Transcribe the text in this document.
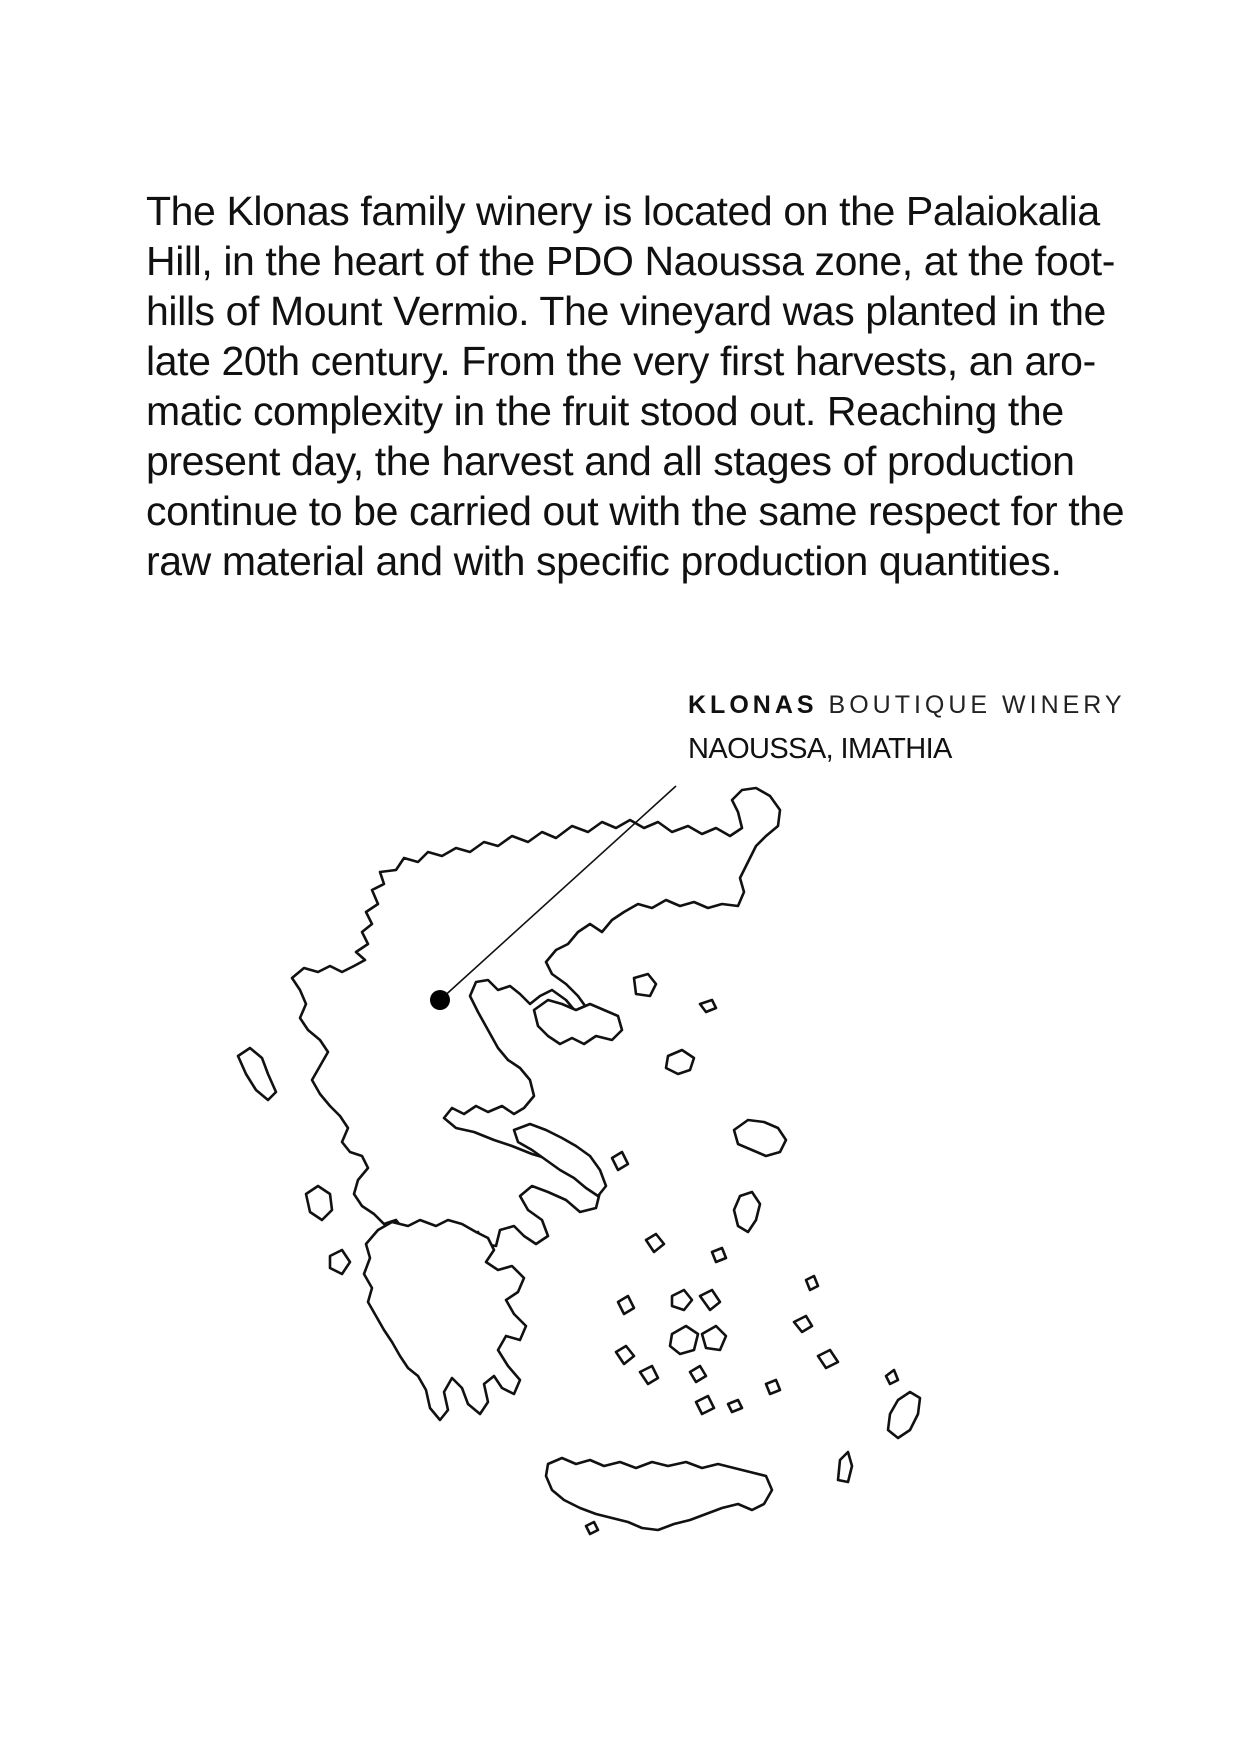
The Klonas family winery is located on the Palaiokalia
Hill, in the heart of the PDO Naoussa zone, at the foot-
hills of Mount Vermio. The vineyard was planted in the
late 20th century. From the very first harvests, an aro-
matic complexity in the fruit stood out. Reaching the
present day, the harvest and all stages of production
continue to be carried out with the same respect for the
raw material and with specific production quantities.

KLONAS BOUTIQUE WINERY
NAOUSSA, IMATHIA
